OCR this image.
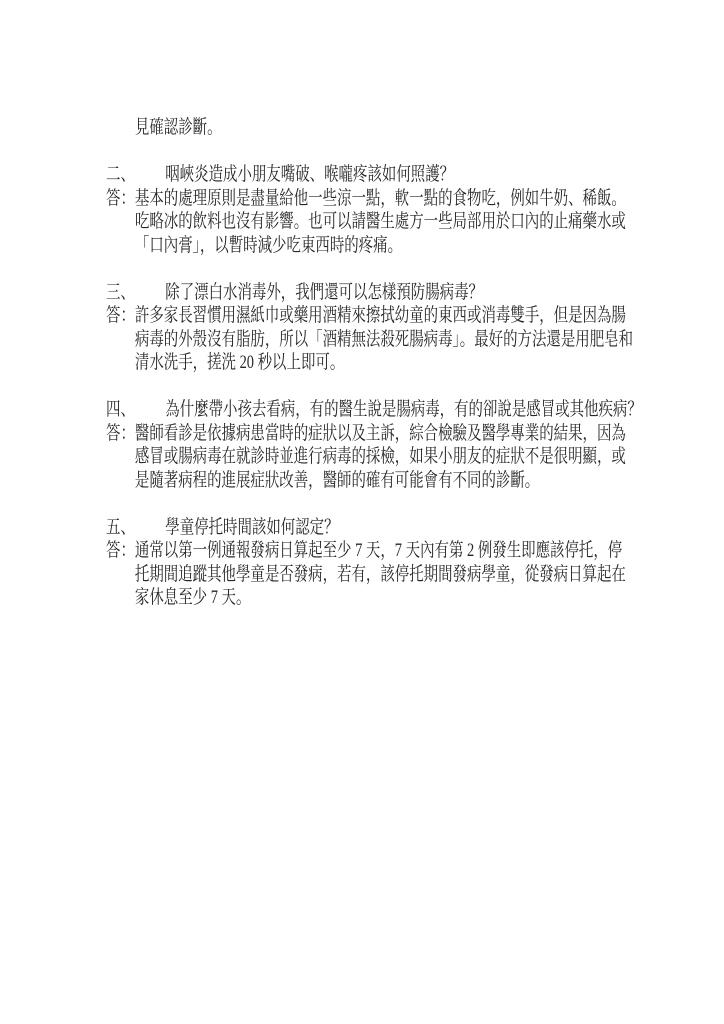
見確認診斷。
二、 咽峽炎造成小朋友嘴破、喉嚨疼該如何照護？
答：基本的處理原則是盡量給他一些涼一點，軟一點的食物吃，例如牛奶、稀飯。
吃略冰的飲料也沒有影響。也可以請醫生處方一些局部用於口內的止痛藥水或
「口內膏」，以暫時減少吃東西時的疼痛。
三、 除了漂白水消毒外，我們還可以怎樣預防腸病毒？
答：許多家長習慣用濕紙巾或藥用酒精來擦拭幼童的東西或消毒雙手，但是因為腸
病毒的外殼沒有脂肪，所以「酒精無法殺死腸病毒」。最好的方法還是用肥皂和
清水洗手，搓洗 20 秒以上即可。
四、 為什麼帶小孩去看病，有的醫生說是腸病毒，有的卻說是感冒或其他疾病？
答：醫師看診是依據病患當時的症狀以及主訴，綜合檢驗及醫學專業的結果，因為
感冒或腸病毒在就診時並進行病毒的採檢，如果小朋友的症狀不是很明顯，或
是隨著病程的進展症狀改善，醫師的確有可能會有不同的診斷。
五、 學童停托時間該如何認定？
答：通常以第一例通報發病日算起至少 7 天，7 天內有第 2 例發生即應該停托，停
托期間追蹤其他學童是否發病，若有，該停托期間發病學童，從發病日算起在
家休息至少 7 天。
